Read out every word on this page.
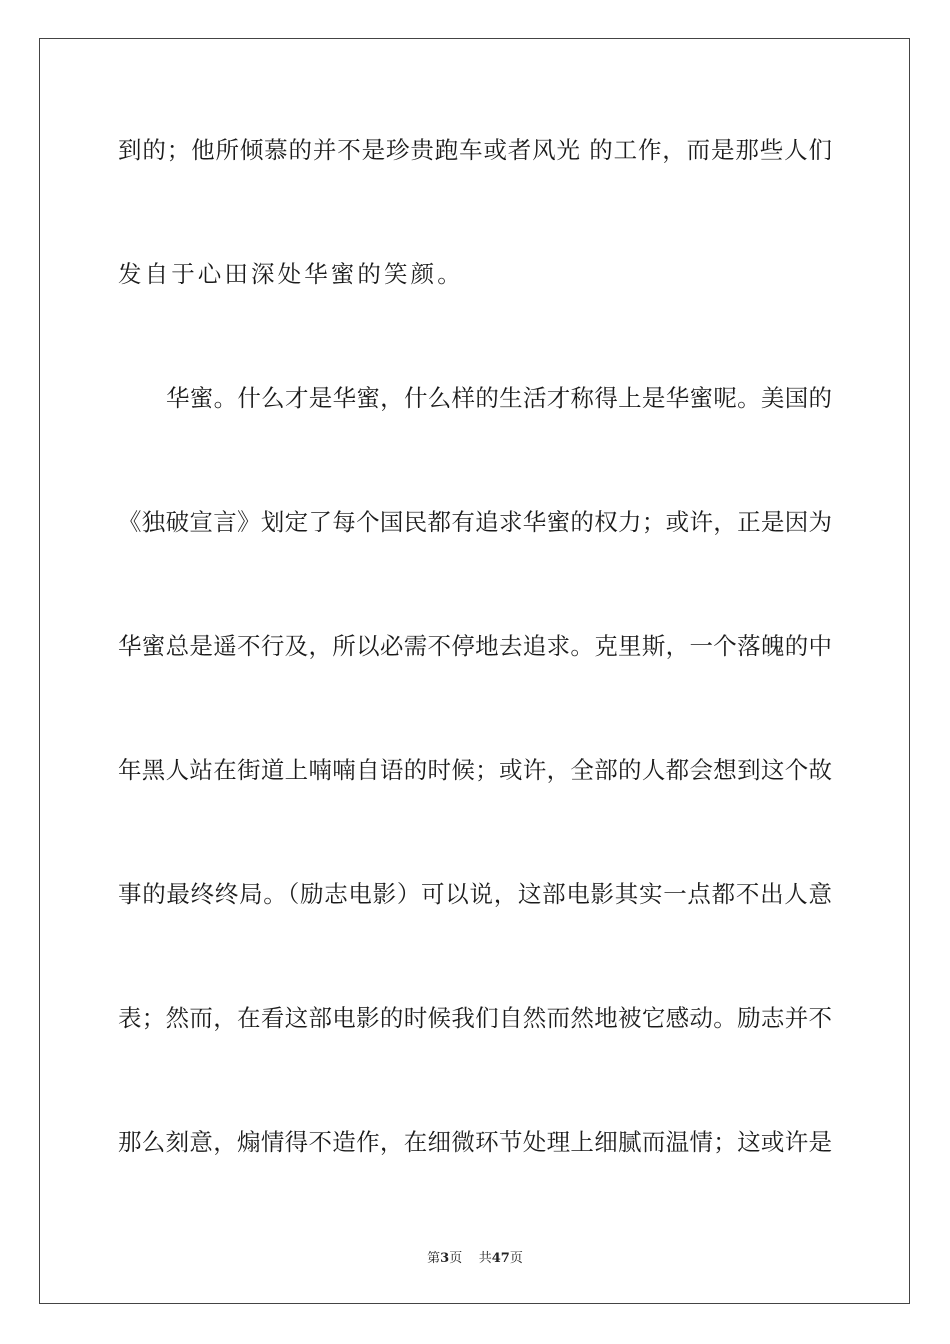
到的；他所倾慕的并不是珍贵跑车或者风光 的工作，而是那些人们
发自于心田深处华蜜的笑颜。
华蜜。什么才是华蜜，什么样的生活才称得上是华蜜呢。美国的
《独破宣言》划定了每个国民都有追求华蜜的权力；或许，正是因为
华蜜总是遥不行及，所以必需不停地去追求。克里斯，一个落魄的中
年黑人站在街道上喃喃自语的时候；或许，全部的人都会想到这个故
事的最终终局。（励志电影）可以说，这部电影其实一点都不出人意
表；然而，在看这部电影的时候我们自然而然地被它感动。励志并不
那么刻意，煽情得不造作，在细微环节处理上细腻而温情；这或许是
第3页    共47页
